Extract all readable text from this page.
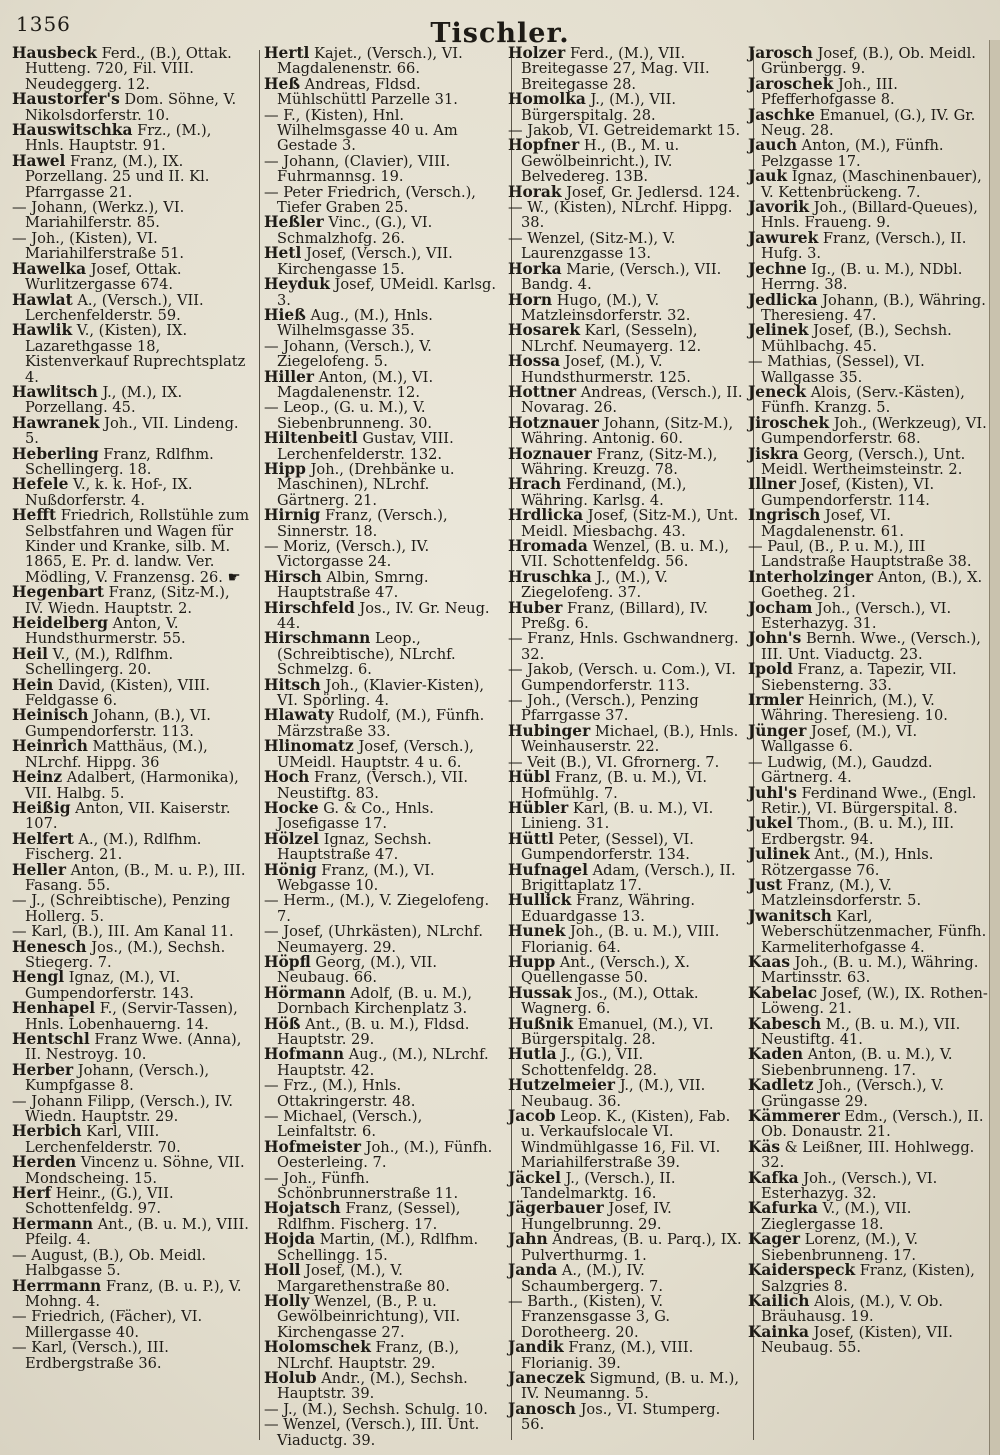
1356	Tischler.
Hausbeck Ferd., (B.), Ottak. Hutteng. 720, Fil. VIII. Neudeggerg. 12.
Haustorfer's Dom. Söhne, V. Nikolsdorferstr. 10.
Hauswitschka Frz., (M.), Hnls. Hauptstr. 91.
Hawel Franz, (M.), IX. Porzellang. 25 und II. Kl. Pfarrgasse 21.
— Johann, (Werkz.), VI. Mariahilferstr. 85.
— Joh., (Kisten), VI. Mariahilferstraße 51.
Hawelka Josef, Ottak. Wurlitzergasse 674.
Hawlat A., (Versch.), VII. Lerchenfelderstr. 59.
Hawlik V., (Kisten), IX. Lazarethgasse 18, Kistenverkauf Ruprechtsplatz 4.
Hawlitsch J., (M.), IX. Porzellang. 45.
Hawranek Joh., VII. Lindeng. 5.
Heberling Franz, Rdlfhm. Schellingerg. 18.
Hefele V., k. k. Hof-, IX. Nußdorferstr. 4.
Hefft Friedrich, Rollstühle zum Selbstfahren und Wagen für Kinder und Kranke, silb. M. 1865, E. Pr. d. landw. Ver. Mödling, V. Franzensg. 26. ☛
Hegenbart Franz, (Sitz-M.), IV. Wiedn. Hauptstr. 2.
Heidelberg Anton, V. Hundsthurmerstr. 55.
Heil V., (M.), Rdlfhm. Schellingerg. 20.
Hein David, (Kisten), VIII. Feldgasse 6.
Heinisch Johann, (B.), VI. Gumpendorferstr. 113.
Heinrich Matthäus, (M.), NLrchf. Hippg. 36
Heinz Adalbert, (Harmonika), VII. Halbg. 5.
Heißig Anton, VII. Kaiserstr. 107.
Helfert A., (M.), Rdlfhm. Fischerg. 21.
Heller Anton, (B., M. u. P.), III. Fasang. 55.
— J., (Schreibtische), Penzing Hollerg. 5.
— Karl, (B.), III. Am Kanal 11.
Henesch Jos., (M.), Sechsh. Stiegerg. 7.
Hengl Ignaz, (M.), VI. Gumpendorferstr. 143.
Henhapel F., (Servir-Tassen), Hnls. Lobenhauerng. 14.
Hentschl Franz Wwe. (Anna), II. Nestroyg. 10.
Herber Johann, (Versch.), Kumpfgasse 8.
— Johann Filipp, (Versch.), IV. Wiedn. Hauptstr. 29.
Herbich Karl, VIII. Lerchenfelderstr. 70.
Herden Vincenz u. Söhne, VII. Mondscheing. 15.
Herf Heinr., (G.), VII. Schottenfeldg. 97.
Hermann Ant., (B. u. M.), VIII. Pfeilg. 4.
— August, (B.), Ob. Meidl. Halbgasse 5.
Herrmann Franz, (B. u. P.), V. Mohng. 4.
— Friedrich, (Fächer), VI. Millergasse 40.
— Karl, (Versch.), III. Erdbergstraße 36.
Hertl Kajet., (Versch.), VI. Magdalenenstr. 66.
Heß Andreas, Fldsd. Mühlschüttl Parzelle 31.
— F., (Kisten), Hnl. Wilhelmsgasse 40 u. Am Gestade 3.
— Johann, (Clavier), VIII. Fuhrmannsg. 19.
— Peter Friedrich, (Versch.), Tiefer Graben 25.
Heßler Vinc., (G.), VI. Schmalzhofg. 26.
Hetl Josef, (Versch.), VII. Kirchengasse 15.
Heyduk Josef, UMeidl. Karlsg. 3.
Hieß Aug., (M.), Hnls. Wilhelmsgasse 35.
— Johann, (Versch.), V. Ziegelofeng. 5.
Hiller Anton, (M.), VI. Magdalenenstr. 12.
— Leop., (G. u. M.), V. Siebenbrunneng. 30.
Hiltenbeitl Gustav, VIII. Lerchenfelderstr. 132.
Hipp Joh., (Drehbänke u. Maschinen), NLrchf. Gärtnerg. 21.
Hirnig Franz, (Versch.), Sinnerstr. 18.
— Moriz, (Versch.), IV. Victorgasse 24.
Hirsch Albin, Smrng. Hauptstraße 47.
Hirschfeld Jos., IV. Gr. Neug. 44.
Hirschmann Leop., (Schreibtische), NLrchf. Schmelzg. 6.
Hitsch Joh., (Klavier-Kisten), VI. Spörling. 4.
Hlawaty Rudolf, (M.), Fünfh. Märzstraße 33.
Hlinomatz Josef, (Versch.), UMeidl. Hauptstr. 4 u. 6.
Hoch Franz, (Versch.), VII. Neustiftg. 83.
Hocke G. & Co., Hnls. Josefigasse 17.
Hölzel Ignaz, Sechsh. Hauptstraße 47.
Hönig Franz, (M.), VI. Webgasse 10.
— Herm., (M.), V. Ziegelofeng. 7.
— Josef, (Uhrkästen), NLrchf. Neumayerg. 29.
Höpfl Georg, (M.), VII. Neubaug. 66.
Hörmann Adolf, (B. u. M.), Dornbach Kirchenplatz 3.
Höß Ant., (B. u. M.), Fldsd. Hauptstr. 29.
Hofmann Aug., (M.), NLrchf. Hauptstr. 42.
— Frz., (M.), Hnls. Ottakringerstr. 48.
— Michael, (Versch.), Leinfaltstr. 6.
Hofmeister Joh., (M.), Fünfh. Oesterleing. 7.
— Joh., Fünfh. Schönbrunnerstraße 11.
Hojatsch Franz, (Sessel), Rdlfhm. Fischerg. 17.
Hojda Martin, (M.), Rdlfhm. Schellingg. 15.
Holl Josef, (M.), V. Margarethenstraße 80.
Holly Wenzel, (B., P. u. Gewölbeinrichtung), VII. Kirchengasse 27.
Holomschek Franz, (B.), NLrchf. Hauptstr. 29.
Holub Andr., (M.), Sechsh. Hauptstr. 39.
— J., (M.), Sechsh. Schulg. 10.
— Wenzel, (Versch.), III. Unt. Viaductg. 39.
Holzer Ferd., (M.), VII. Breitegasse 27, Mag. VII. Breitegasse 28.
Homolka J., (M.), VII. Bürgerspitalg. 28.
— Jakob, VI. Getreidemarkt 15.
Hopfner H., (B., M. u. Gewölbeinricht.), IV. Belvedereg. 13B.
Horak Josef, Gr. Jedlersd. 124.
— W., (Kisten), NLrchf. Hippg. 38.
— Wenzel, (Sitz-M.), V. Laurenzgasse 13.
Horka Marie, (Versch.), VII. Bandg. 4.
Horn Hugo, (M.), V. Matzleinsdorferstr. 32.
Hosarek Karl, (Sesseln), NLrchf. Neumayerg. 12.
Hossa Josef, (M.), V. Hundsthurmerstr. 125.
Hottner Andreas, (Versch.), II. Novarag. 26.
Hotznauer Johann, (Sitz-M.), Währing. Antonig. 60.
Hoznauer Franz, (Sitz-M.), Währing. Kreuzg. 78.
Hrach Ferdinand, (M.), Währing. Karlsg. 4.
Hrdlicka Josef, (Sitz-M.), Unt. Meidl. Miesbachg. 43.
Hromada Wenzel, (B. u. M.), VII. Schottenfeldg. 56.
Hruschka J., (M.), V. Ziegelofeng. 37.
Huber Franz, (Billard), IV. Preßg. 6.
— Franz, Hnls. Gschwandnerg. 32.
— Jakob, (Versch. u. Com.), VI. Gumpendorferstr. 113.
— Joh., (Versch.), Penzing Pfarrgasse 37.
Hubinger Michael, (B.), Hnls. Weinhauserstr. 22.
— Veit (B.), VI. Gfrornerg. 7.
Hübl Franz, (B. u. M.), VI. Hofmühlg. 7.
Hübler Karl, (B. u. M.), VI. Linieng. 31.
Hüttl Peter, (Sessel), VI. Gumpendorferstr. 134.
Hufnagel Adam, (Versch.), II. Brigittaplatz 17.
Hullick Franz, Währing. Eduardgasse 13.
Hunek Joh., (B. u. M.), VIII. Florianig. 64.
Hupp Ant., (Versch.), X. Quellengasse 50.
Hussak Jos., (M.), Ottak. Wagnerg. 6.
Hußnik Emanuel, (M.), VI. Bürgerspitalg. 28.
Hutla J., (G.), VII. Schottenfeldg. 28.
Hutzelmeier J., (M.), VII. Neubaug. 36.
Jacob Leop. K., (Kisten), Fab. u. Verkaufslocale VI. Windmühlgasse 16, Fil. VI. Mariahilferstraße 39.
Jäckel J., (Versch.), II. Tandelmarktg. 16.
Jägerbauer Josef, IV. Hungelbrunng. 29.
Jahn Andreas, (B. u. Parq.), IX. Pulverthurmg. 1.
Janda A., (M.), IV. Schaumbergerg. 7.
— Barth., (Kisten), V. Franzensgasse 3, G. Dorotheerg. 20.
Jandik Franz, (M.), VIII. Florianig. 39.
Janeczek Sigmund, (B. u. M.), IV. Neumanng. 5.
Janosch Jos., VI. Stumperg. 56.
Jarosch Josef, (B.), Ob. Meidl. Grünbergg. 9.
Jaroschek Joh., III. Pfefferhofgasse 8.
Jaschke Emanuel, (G.), IV. Gr. Neug. 28.
Jauch Anton, (M.), Fünfh. Pelzgasse 17.
Jauk Ignaz, (Maschinenbauer), V. Kettenbrückeng. 7.
Javorik Joh., (Billard-Queues), Hnls. Fraueng. 9.
Jawurek Franz, (Versch.), II. Hufg. 3.
Jechne Ig., (B. u. M.), NDbl. Herrng. 38.
Jedlicka Johann, (B.), Währing. Theresieng. 47.
Jelinek Josef, (B.), Sechsh. Mühlbachg. 45.
— Mathias, (Sessel), VI. Wallgasse 35.
Jeneck Alois, (Serv.-Kästen), Fünfh. Kranzg. 5.
Jiroschek Joh., (Werkzeug), VI. Gumpendorferstr. 68.
Jiskra Georg, (Versch.), Unt. Meidl. Wertheimsteinstr. 2.
Illner Josef, (Kisten), VI. Gumpendorferstr. 114.
Ingrisch Josef, VI. Magdalenenstr. 61.
— Paul, (B., P. u. M.), III Landstraße Hauptstraße 38.
Interholzinger Anton, (B.), X. Goetheg. 21.
Jocham Joh., (Versch.), VI. Esterhazyg. 31.
John's Bernh. Wwe., (Versch.), III. Unt. Viaductg. 23.
Ipold Franz, a. Tapezir, VII. Siebensterng. 33.
Irmler Heinrich, (M.), V. Währing. Theresieng. 10.
Jünger Josef, (M.), VI. Wallgasse 6.
— Ludwig, (M.), Gaudzd. Gärtnerg. 4.
Juhl's Ferdinand Wwe., (Engl. Retir.), VI. Bürgerspital. 8.
Jukel Thom., (B. u. M.), III. Erdbergstr. 94.
Julinek Ant., (M.), Hnls. Rötzergasse 76.
Just Franz, (M.), V. Matzleinsdorferstr. 5.
Jwanitsch Karl, Weberschützenmacher, Fünfh. Karmeliterhofgasse 4.
Kaas Joh., (B. u. M.), Währing. Martinsstr. 63.
Kabelac Josef, (W.), IX. Rothen-Löweng. 21.
Kabesch M., (B. u. M.), VII. Neustiftg. 41.
Kaden Anton, (B. u. M.), V. Siebenbrunneng. 17.
Kadletz Joh., (Versch.), V. Grüngasse 29.
Kämmerer Edm., (Versch.), II. Ob. Donaustr. 21.
Käs & Leißner, III. Hohlwegg. 32.
Kafka Joh., (Versch.), VI. Esterhazyg. 32.
Kafurka V., (M.), VII. Zieglergasse 18.
Kager Lorenz, (M.), V. Siebenbrunneng. 17.
Kaiderspeck Franz, (Kisten), Salzgries 8.
Kailich Alois, (M.), V. Ob. Bräuhausg. 19.
Kainka Josef, (Kisten), VII. Neubaug. 55.
